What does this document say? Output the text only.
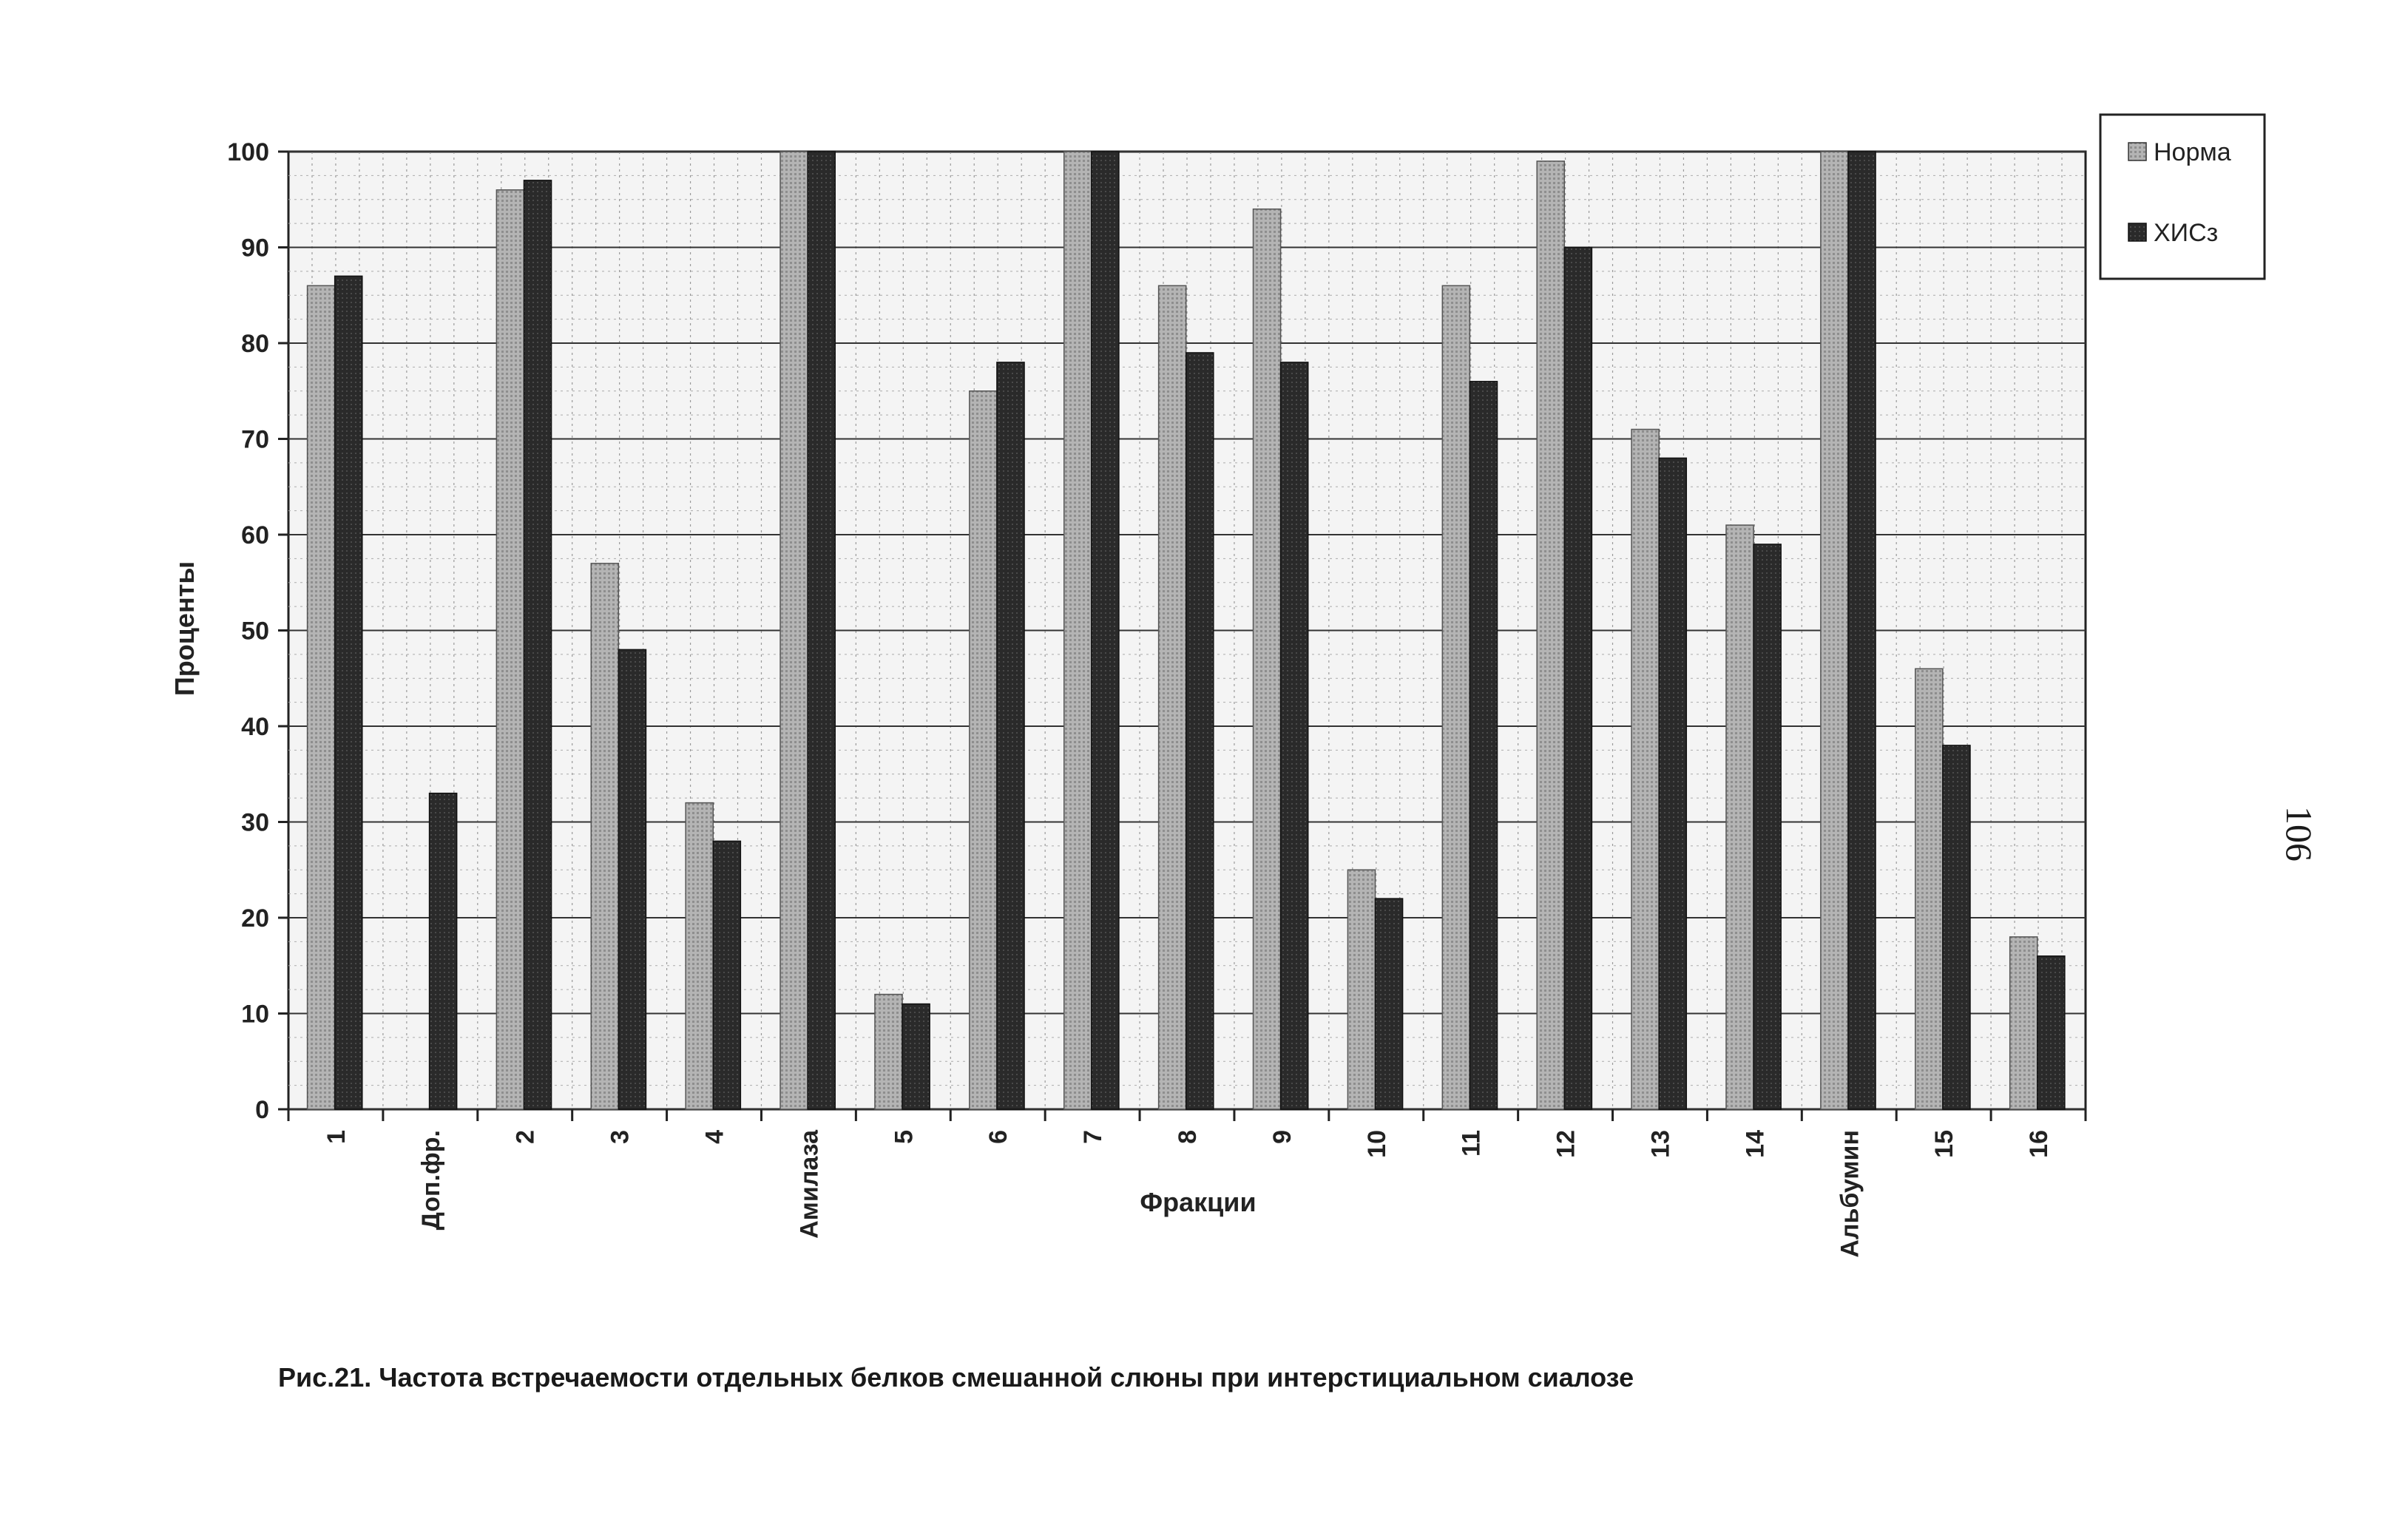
0
10
20
30
40
50
60
70
80
90
100
1	Доп.фр.	2	3	4	Амилаза	5	6	7	8	9	10	11	12	13	14	Альбумин	15	16
Проценты
Фракции
Норма
ХИСз
Рис.21. Частота встречаемости отдельных белков смешанной слюны при интерстициальном сиалозе
106
